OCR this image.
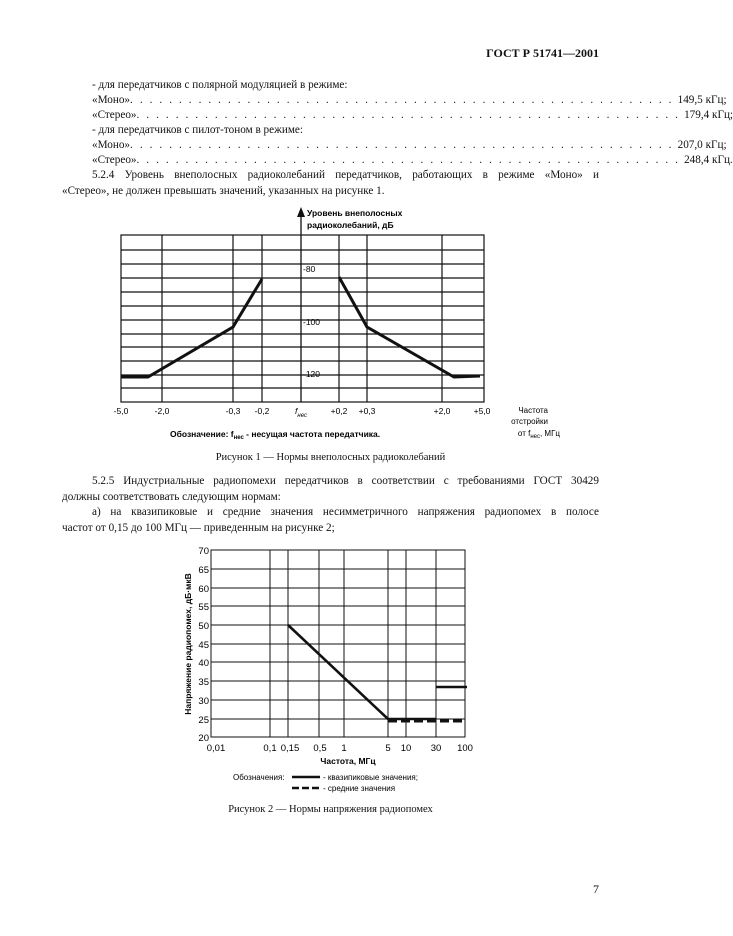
ГОСТ Р 51741—2001
- для передатчиков с полярной модуляцией в режиме:
«Моно» . . . . . . . . . . . . . . . . . . . . . . . . . . . . . . . . . . . . . . . . . . . . . . . . . . . . . . . . 149,5 кГц;
«Стерео» . . . . . . . . . . . . . . . . . . . . . . . . . . . . . . . . . . . . . . . . . . . . . . . . . . . . . . . . 179,4 кГц;
- для передатчиков с пилот-тоном в режиме:
«Моно» . . . . . . . . . . . . . . . . . . . . . . . . . . . . . . . . . . . . . . . . . . . . . . . . . . . . . . . . 207,0 кГц;
«Стерео» . . . . . . . . . . . . . . . . . . . . . . . . . . . . . . . . . . . . . . . . . . . . . . . . . . . . . . . . 248,4 кГц.
5.2.4 Уровень внеполосных радиоколебаний передатчиков, работающих в режиме «Моно» и
«Стерео», не должен превышать значений, указанных на рисунке 1.
Уровень внеполосных
радиоколебаний, дБ
-80
-100
-120
-5,0	-2,0	-0,3 -0,2	$f_{нес}$	+0,2 +0,3	+2,0	+5,0	Частота
отстройки
от $f_{нес}$, МГц
Обозначение: $f_{нес}$ - несущая частота передатчика.
Рисунок 1 — Нормы внеполосных радиоколебаний
5.2.5 Индустриальные радиопомехи передатчиков в соответствии с требованиями ГОСТ 30429
должны соответствовать следующим нормам:
а) на квазипиковые и средние значения несимметричного напряжения радиопомех в полосе
частот от 0,15 до 100 МГц — приведенным на рисунке 2;
70
65
60
55
50
45
40
35
30
25
20
Напряжение радиопомех, дБ·мкВ
0,01	0,1 0,15 0,5 1	5 10 30 100
Частота, МГц
Обозначения:	- квазипиковые значения;
- средние значения
Рисунок 2 — Нормы напряжения радиопомех
7
